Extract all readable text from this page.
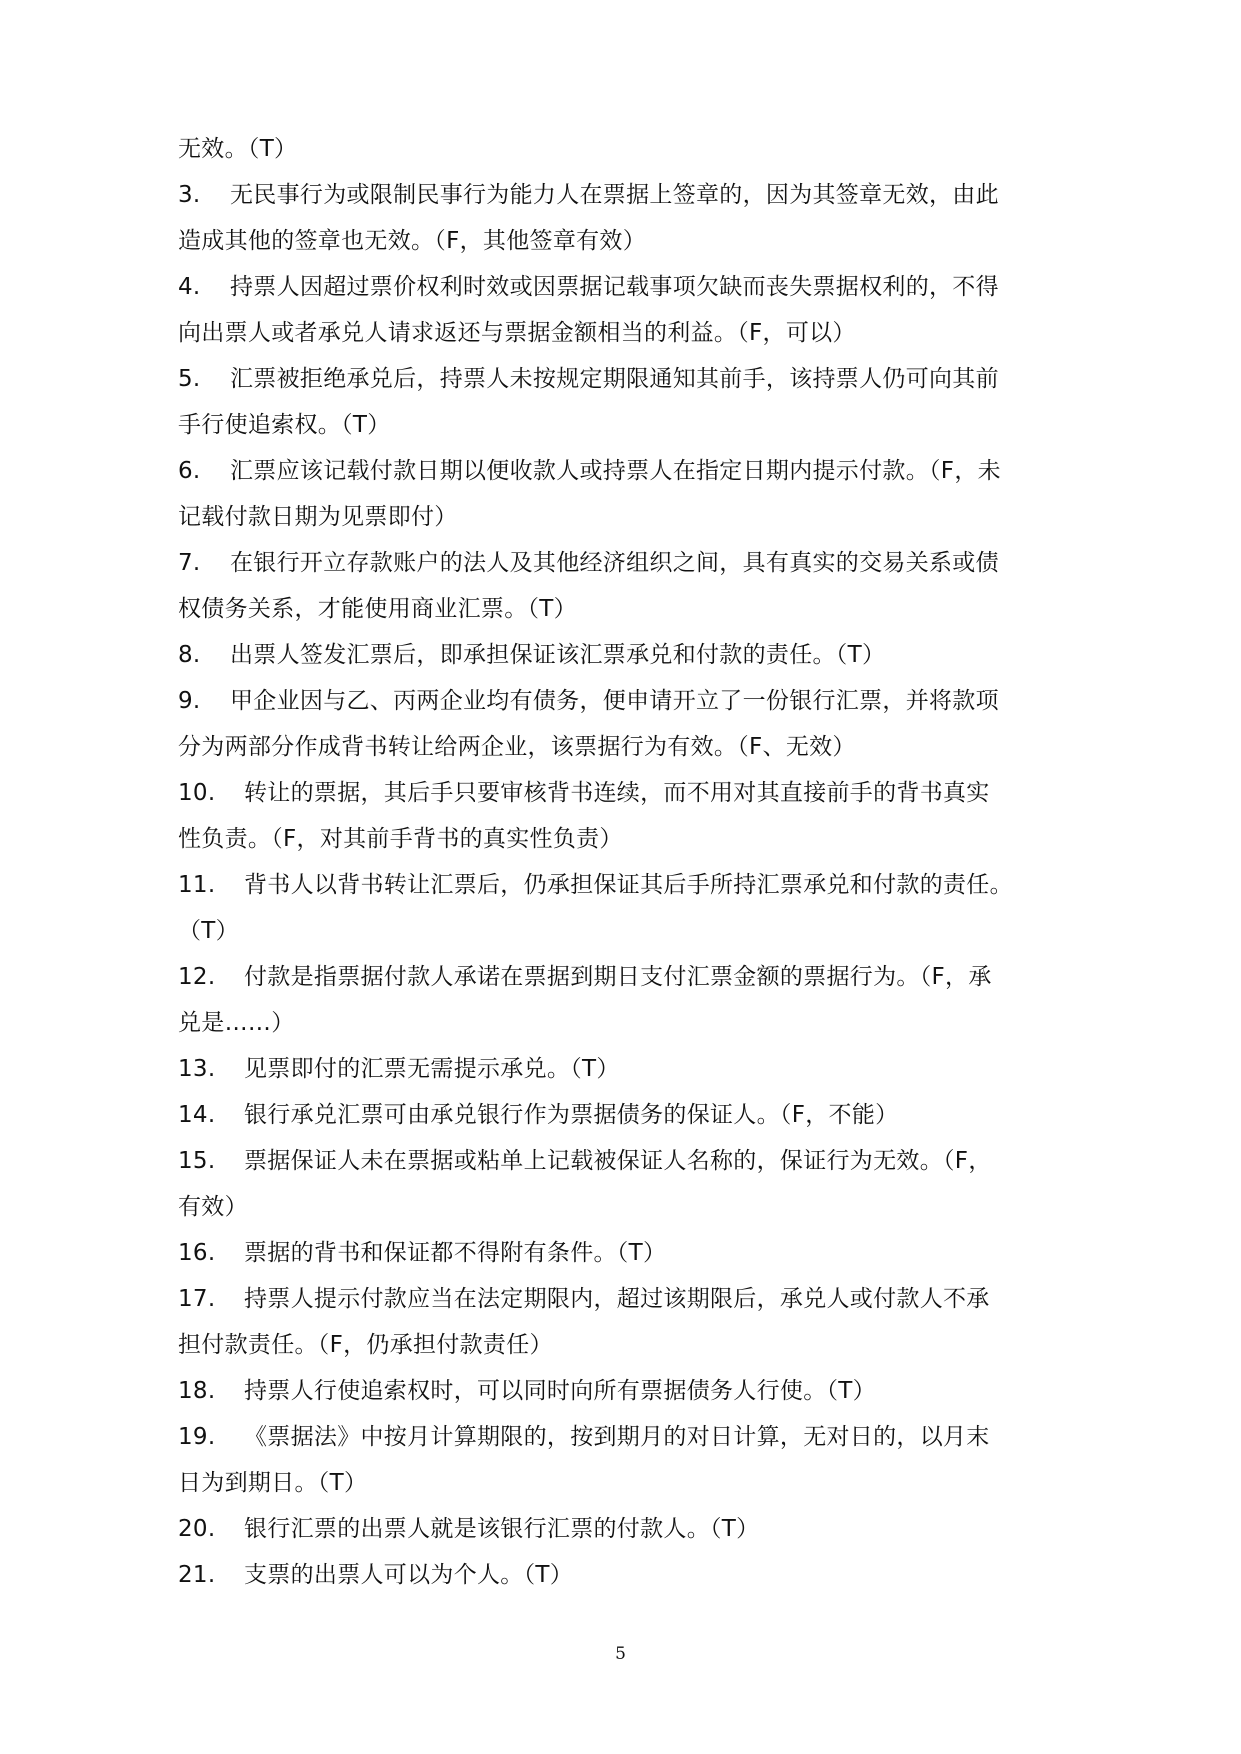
无效。（T）
3. 无民事行为或限制民事行为能力人在票据上签章的，因为其签章无效，由此
造成其他的签章也无效。（F，其他签章有效）
4. 持票人因超过票价权利时效或因票据记载事项欠缺而丧失票据权利的，不得
向出票人或者承兑人请求返还与票据金额相当的利益。（F，可以）
5. 汇票被拒绝承兑后，持票人未按规定期限通知其前手，该持票人仍可向其前
手行使追索权。（T）
6. 汇票应该记载付款日期以便收款人或持票人在指定日期内提示付款。（F，未
记载付款日期为见票即付）
7. 在银行开立存款账户的法人及其他经济组织之间，具有真实的交易关系或债
权债务关系，才能使用商业汇票。（T）
8. 出票人签发汇票后，即承担保证该汇票承兑和付款的责任。（T）
9. 甲企业因与乙、丙两企业均有债务，便申请开立了一份银行汇票，并将款项
分为两部分作成背书转让给两企业，该票据行为有效。（F、无效）
10. 转让的票据，其后手只要审核背书连续，而不用对其直接前手的背书真实
性负责。（F，对其前手背书的真实性负责）
11. 背书人以背书转让汇票后，仍承担保证其后手所持汇票承兑和付款的责任。
（T）
12. 付款是指票据付款人承诺在票据到期日支付汇票金额的票据行为。（F，承
兑是……）
13. 见票即付的汇票无需提示承兑。（T）
14. 银行承兑汇票可由承兑银行作为票据债务的保证人。（F，不能）
15. 票据保证人未在票据或粘单上记载被保证人名称的，保证行为无效。（F，
有效）
16. 票据的背书和保证都不得附有条件。（T）
17. 持票人提示付款应当在法定期限内，超过该期限后，承兑人或付款人不承
担付款责任。（F，仍承担付款责任）
18. 持票人行使追索权时，可以同时向所有票据债务人行使。（T）
19. 《票据法》中按月计算期限的，按到期月的对日计算，无对日的，以月末
日为到期日。（T）
20. 银行汇票的出票人就是该银行汇票的付款人。（T）
21. 支票的出票人可以为个人。（T）
5
